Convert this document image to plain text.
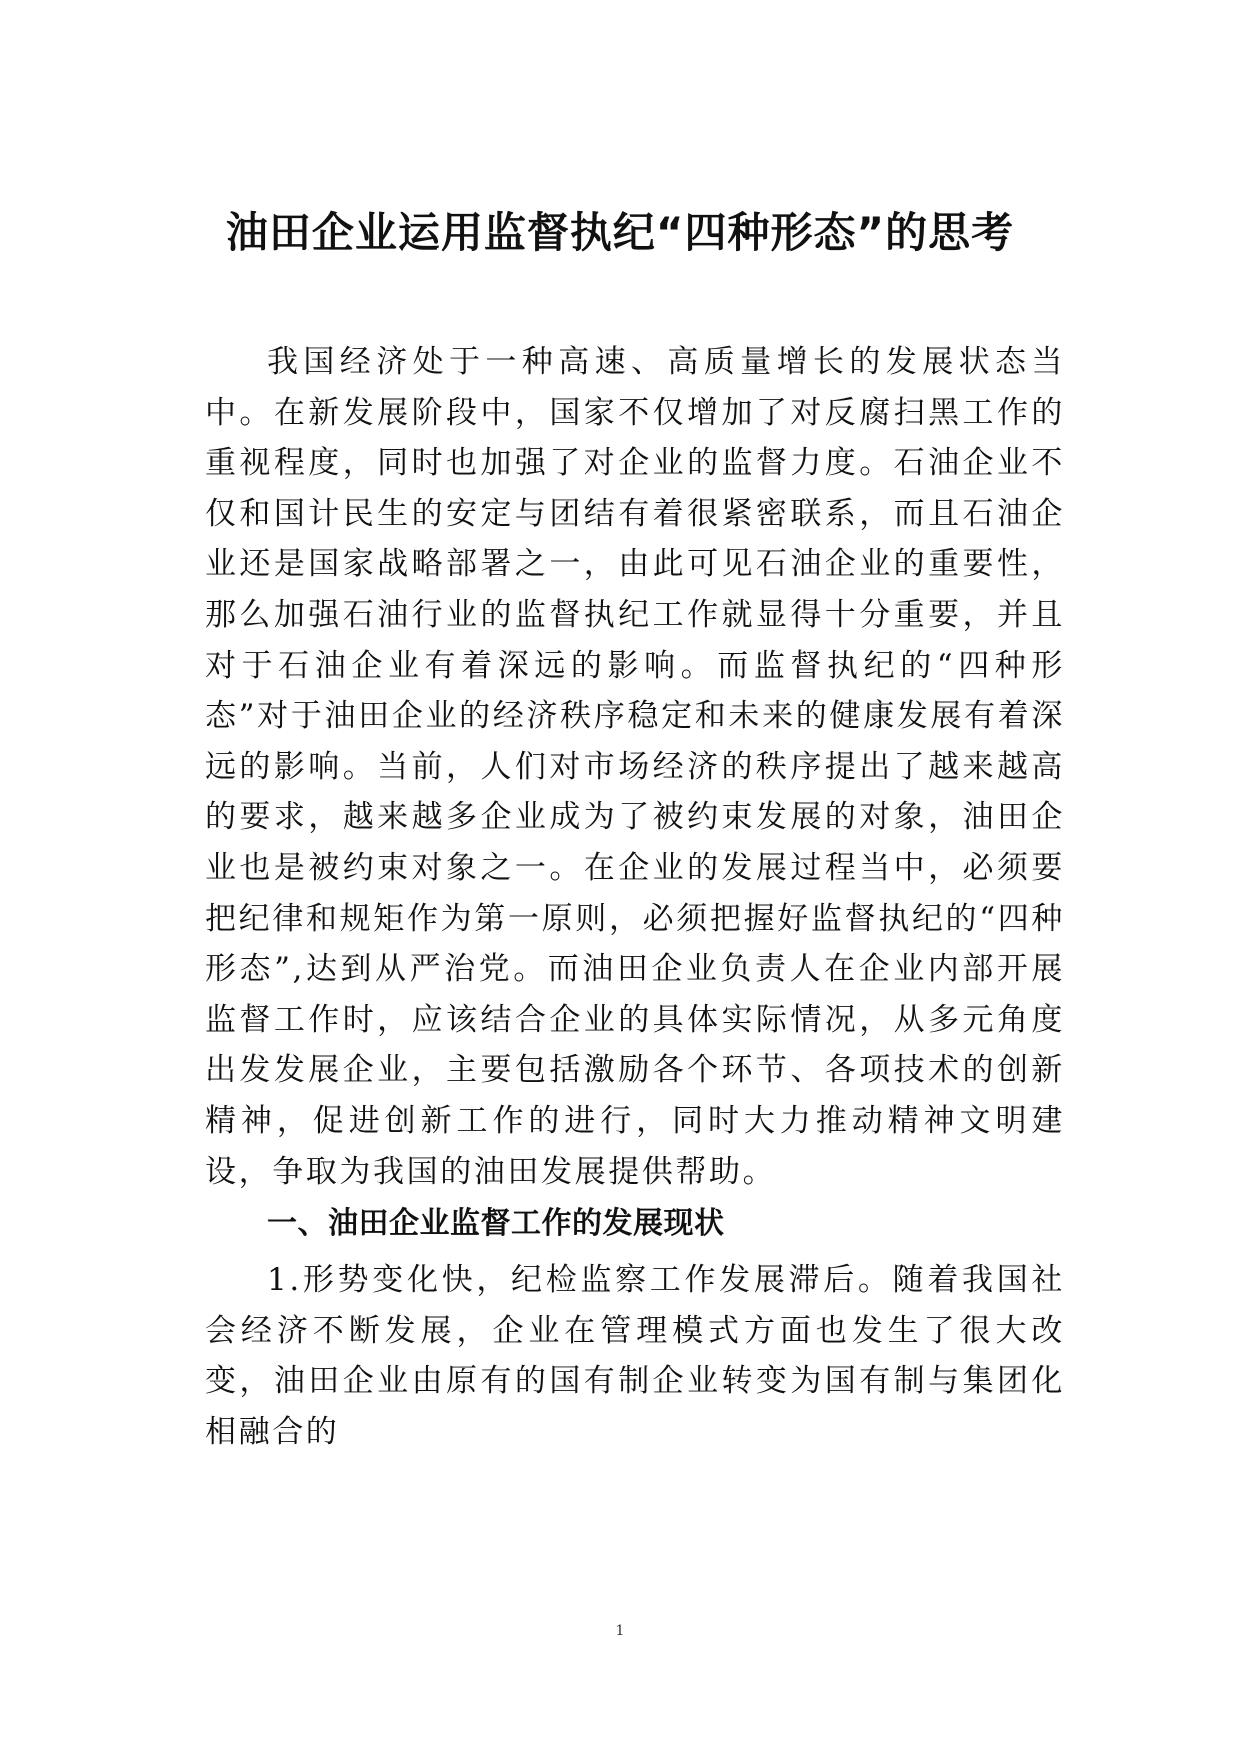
油田企业运用监督执纪“四种形态”的思考

我国经济处于一种高速、高质量增长的发展状态当中。在新发展阶段中，国家不仅增加了对反腐扫黑工作的重视程度，同时也加强了对企业的监督力度。石油企业不仅和国计民生的安定与团结有着很紧密联系，而且石油企业还是国家战略部署之一，由此可见石油企业的重要性，那么加强石油行业的监督执纪工作就显得十分重要，并且对于石油企业有着深远的影响。而监督执纪的“四种形态”对于油田企业的经济秩序稳定和未来的健康发展有着深远的影响。当前，人们对市场经济的秩序提出了越来越高的要求，越来越多企业成为了被约束发展的对象，油田企业也是被约束对象之一。在企业的发展过程当中，必须要把纪律和规矩作为第一原则，必须把握好监督执纪的“四种形态”,达到从严治党。而油田企业负责人在企业内部开展监督工作时，应该结合企业的具体实际情况，从多元角度出发发展企业，主要包括激励各个环节、各项技术的创新精神，促进创新工作的进行，同时大力推动精神文明建设，争取为我国的油田发展提供帮助。

一、油田企业监督工作的发展现状

1.形势变化快，纪检监察工作发展滞后。随着我国社会经济不断发展，企业在管理模式方面也发生了很大改变，油田企业由原有的国有制企业转变为国有制与集团化相融合的

1
